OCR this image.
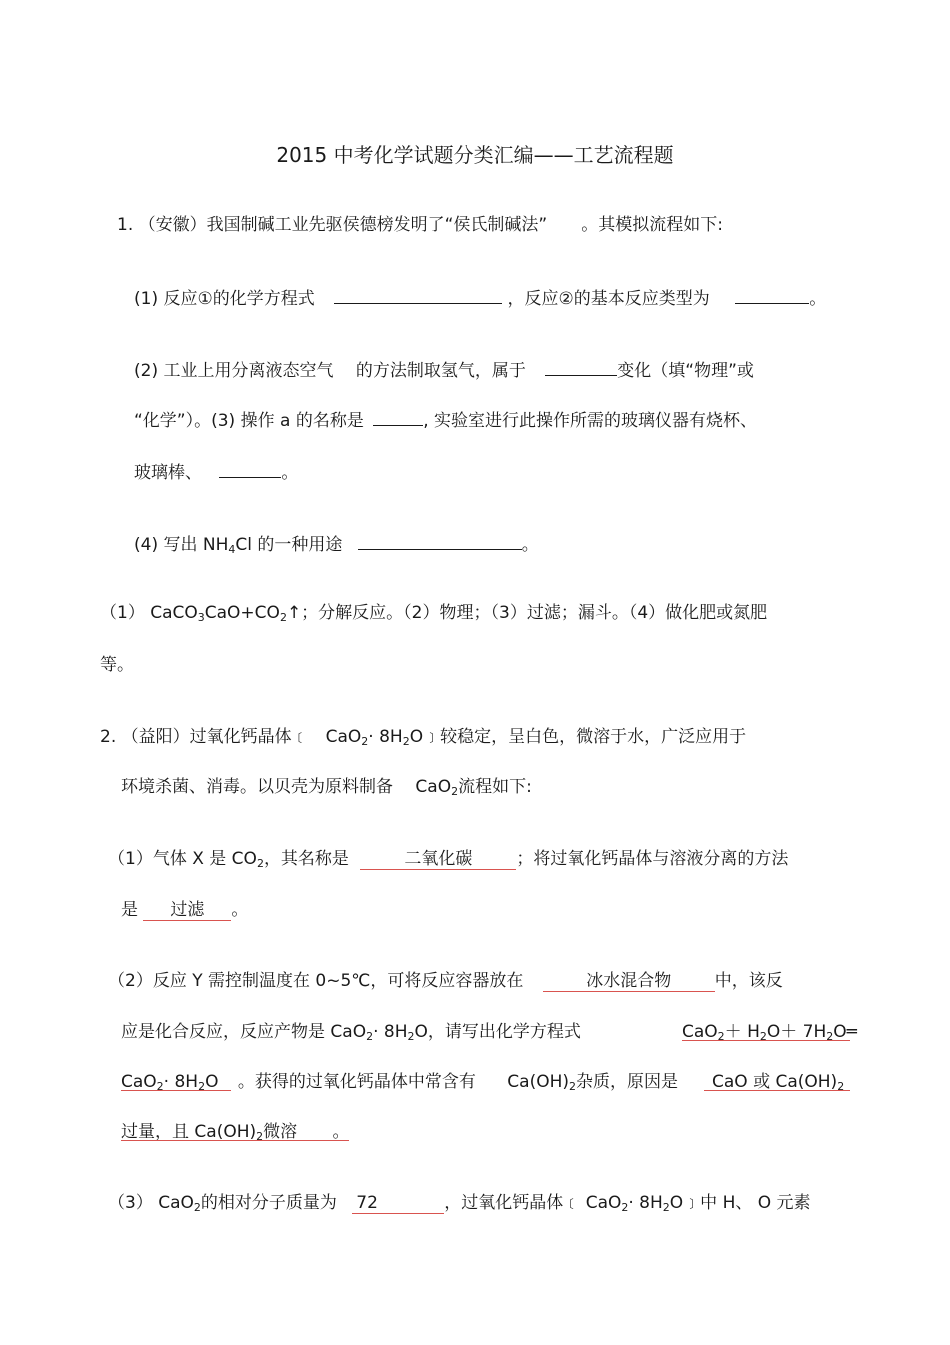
2015 中考化学试题分类汇编——工艺流程题
1. （安徽）我国制碱工业先驱侯德榜发明了“侯氏制碱法”　　。其模拟流程如下:
(1) 反应①的化学方程式	，反应②的基本反应类型为	。
(2) 工业上用分离液态空气　 的方法制取氢气，属于	变化（填“物理”或
“化学”）。(3) 操作 a 的名称是	, 实验室进行此操作所需的玻璃仪器有烧杯、
玻璃棒、	。
(4) 写出 NH4Cl 的一种用途	。
（1） CaCO3CaO+CO2↑；分解反应。（2）物理；（3）过滤；漏斗。（4）做化肥或氮肥
等。
2. （益阳）过氧化钙晶体﹝　CaO2· 8H2O﹞较稳定，呈白色，微溶于水，广泛应用于
环境杀菌、消毒。以贝壳为原料制备　 CaO2流程如下:
（1）气体 X 是 CO2，其名称是	二氧化碳	；将过氧化钙晶体与溶液分离的方法
是 过滤 。
（2）反应 Y 需控制温度在 0~5℃，可将反应容器放在	冰水混合物	中，该反
应是化合反应，反应产物是 CaO2· 8H2O，请写出化学方程式	CaO2＋ H2O＋ 7H2O═
CaO2· 8H2O 。获得的过氧化钙晶体中常含有 Ca(OH)2杂质，原因是 CaO 或 Ca(OH)2
过量，且 Ca(OH)2微溶 。
（3） CaO2的相对分子质量为 72	，过氧化钙晶体﹝ CaO2· 8H2O﹞中 H、 O 元素
